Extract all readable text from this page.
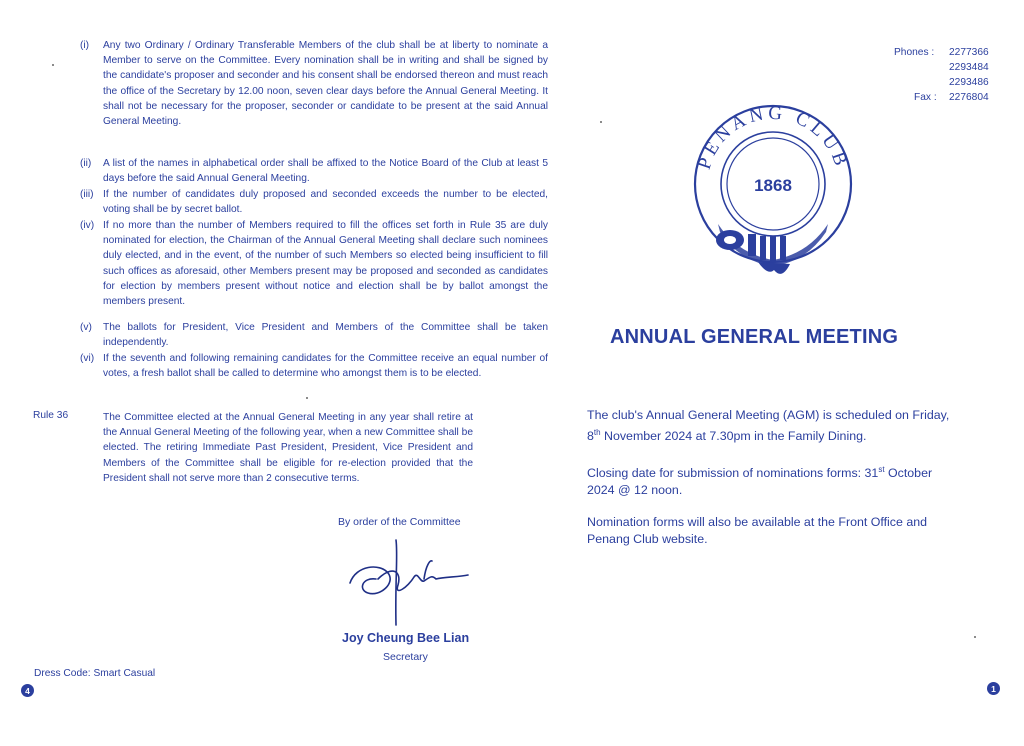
(i) Any two Ordinary / Ordinary Transferable Members of the club shall be at liberty to nominate a Member to serve on the Committee. Every nomination shall be in writing and shall be signed by the candidate's proposer and seconder and his consent shall be endorsed thereon and must reach the office of the Secretary by 12.00 noon, seven clear days before the Annual General Meeting. It shall not be necessary for the proposer, seconder or candidate to be present at the said Annual General Meeting.
(ii) A list of the names in alphabetical order shall be affixed to the Notice Board of the Club at least 5 days before the said Annual General Meeting.
(iii) If the number of candidates duly proposed and seconded exceeds the number to be elected, voting shall be by secret ballot.
(iv) If no more than the number of Members required to fill the offices set forth in Rule 35 are duly nominated for election, the Chairman of the Annual General Meeting shall declare such nominees duly elected, and in the event, of the number of such Members so elected being insufficient to fill such offices as aforesaid, other Members present may be proposed and seconded as candidates for election by members present without notice and election shall be by ballot amongst the members present.
(v) The ballots for President, Vice President and Members of the Committee shall be taken independently.
(vi) If the seventh and following remaining candidates for the Committee receive an equal number of votes, a fresh ballot shall be called to determine who amongst them is to be elected.
Rule 36	The Committee elected at the Annual General Meeting in any year shall retire at the Annual General Meeting of the following year, when a new Committee shall be elected. The retiring Immediate Past President, President, Vice President and Members of the Committee shall be eligible for re-election provided that the President shall not serve more than 2 consecutive terms.
By order of the Committee
Joy Cheung Bee Lian
Secretary
Dress Code: Smart Casual
4
Phones : 2277366
2293484
2293486
Fax : 2276804
PENANG CLUB
1868
ANNUAL GENERAL MEETING
The club's Annual General Meeting (AGM) is scheduled on Friday, 8th November 2024 at 7.30pm in the Family Dining.
Closing date for submission of nominations forms: 31st October 2024 @ 12 noon.
Nomination forms will also be available at the Front Office and Penang Club website.
1
